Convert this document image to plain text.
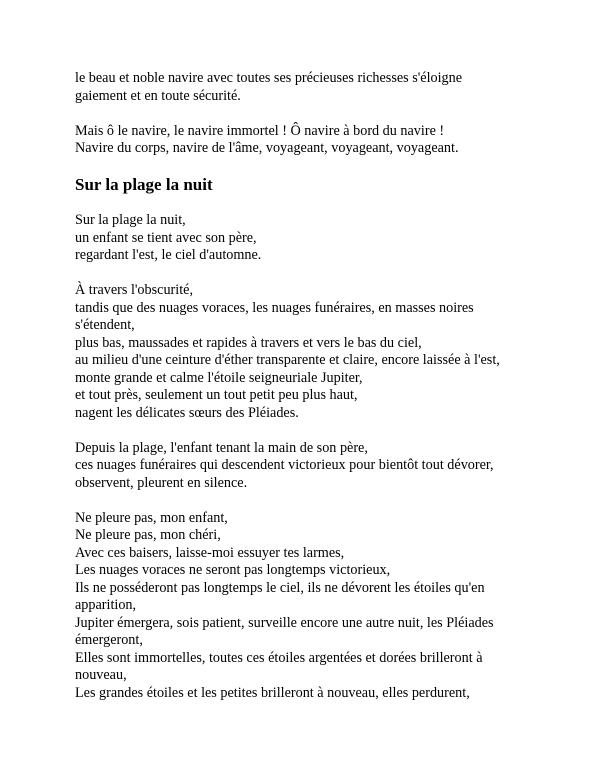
le beau et noble navire avec toutes ses précieuses richesses s'éloigne
gaiement et en toute sécurité.
Mais ô le navire, le navire immortel ! Ô navire à bord du navire !
Navire du corps, navire de l'âme, voyageant, voyageant, voyageant.
Sur la plage la nuit
Sur la plage la nuit,
un enfant se tient avec son père,
regardant l'est, le ciel d'automne.
À travers l'obscurité,
tandis que des nuages voraces, les nuages funéraires, en masses noires
s'étendent,
plus bas, maussades et rapides à travers et vers le bas du ciel,
au milieu d'une ceinture d'éther transparente et claire, encore laissée à l'est,
monte grande et calme l'étoile seigneuriale Jupiter,
et tout près, seulement un tout petit peu plus haut,
nagent les délicates sœurs des Pléiades.
Depuis la plage, l'enfant tenant la main de son père,
ces nuages funéraires qui descendent victorieux pour bientôt tout dévorer,
observent, pleurent en silence.
Ne pleure pas, mon enfant,
Ne pleure pas, mon chéri,
Avec ces baisers, laisse-moi essuyer tes larmes,
Les nuages voraces ne seront pas longtemps victorieux,
Ils ne posséderont pas longtemps le ciel, ils ne dévorent les étoiles qu'en
apparition,
Jupiter émergera, sois patient, surveille encore une autre nuit, les Pléiades
émergeront,
Elles sont immortelles, toutes ces étoiles argentées et dorées brilleront à
nouveau,
Les grandes étoiles et les petites brilleront à nouveau, elles perdurent,
